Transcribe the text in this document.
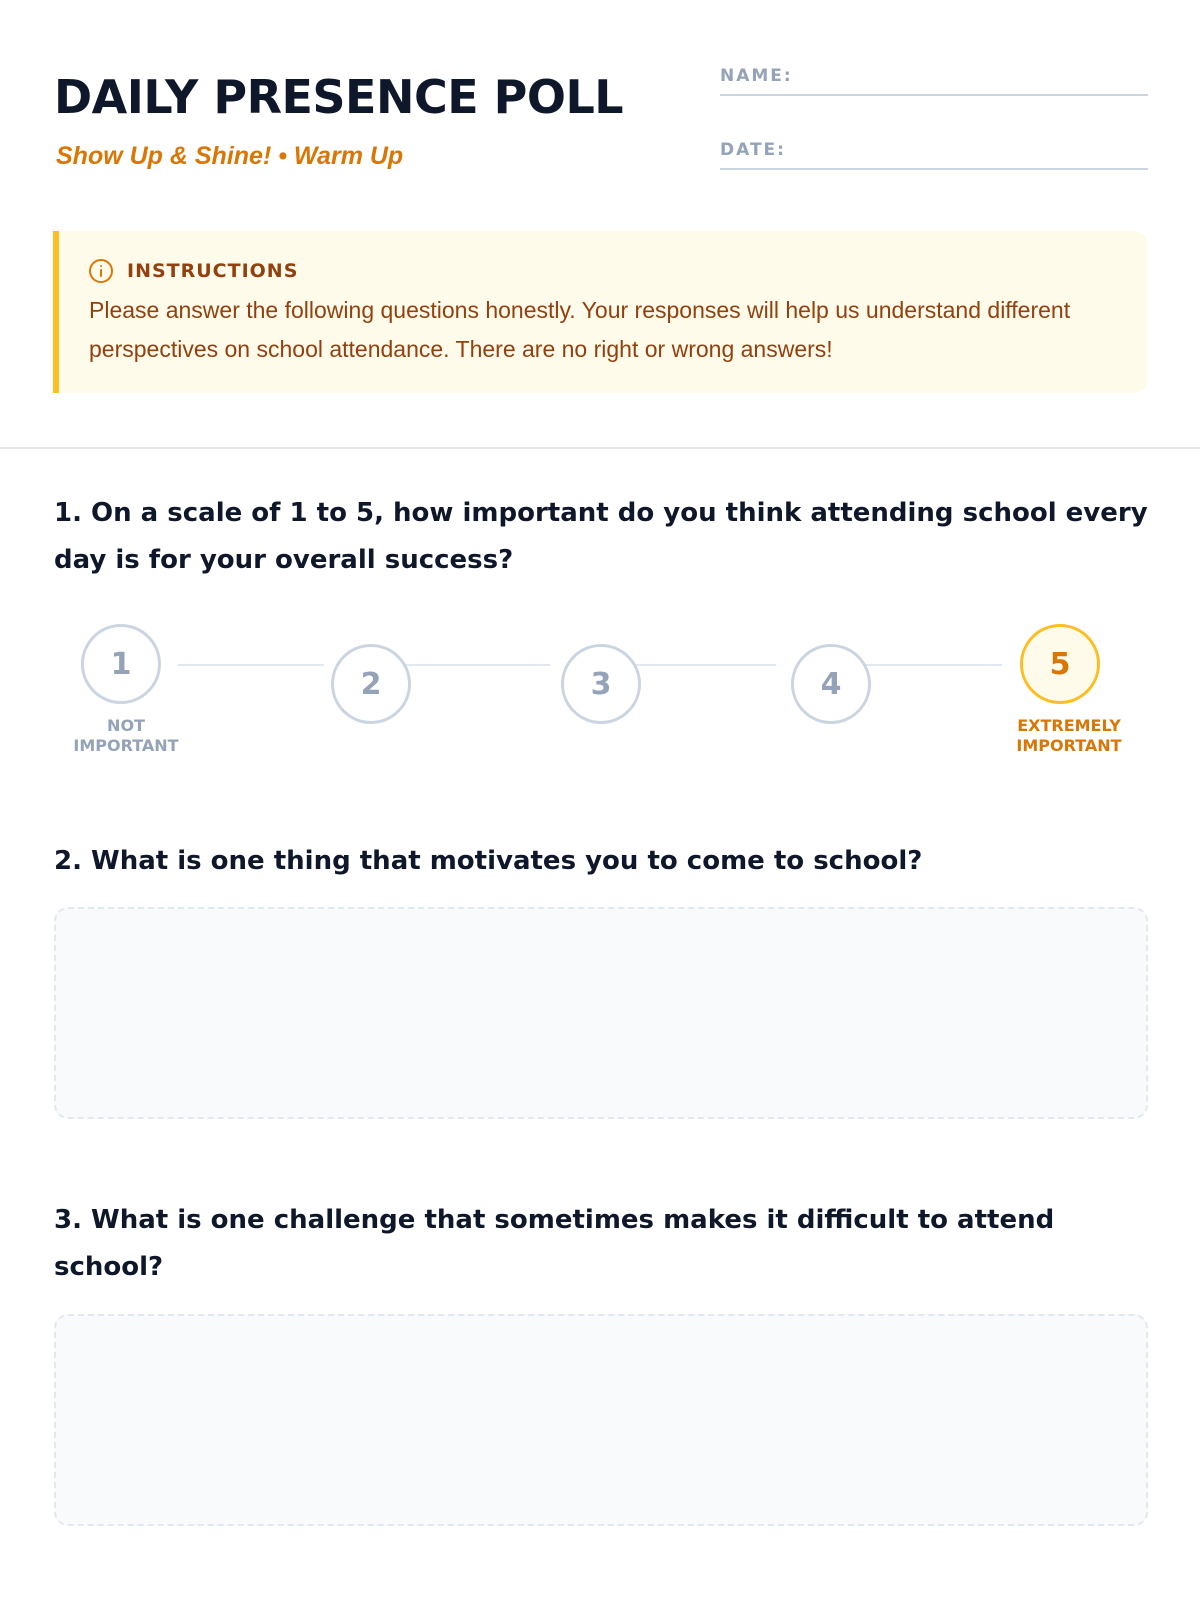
DAILY PRESENCE POLL
Show Up & Shine! • Warm Up
NAME:
DATE:
INSTRUCTIONS
Please answer the following questions honestly. Your responses will help us understand different perspectives on school attendance. There are no right or wrong answers!
1. On a scale of 1 to 5, how important do you think attending school every day is for your overall success?
1
2	3	4
5
NOT
IMPORTANT
EXTREMELY
IMPORTANT
2. What is one thing that motivates you to come to school?
3. What is one challenge that sometimes makes it difficult to attend school?
